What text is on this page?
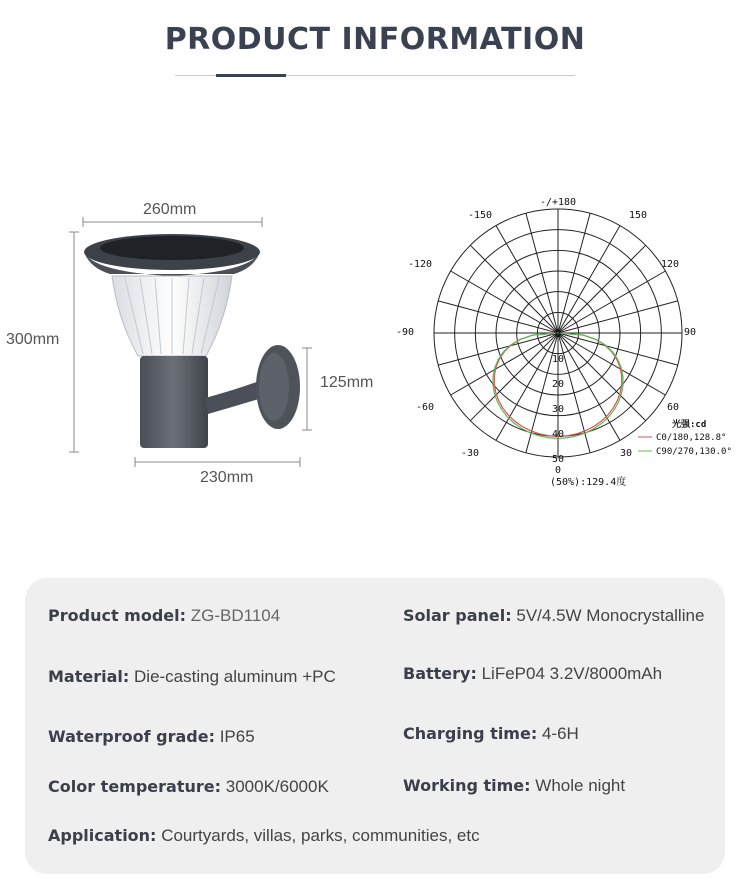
PRODUCT INFORMATION
260mm
300mm
125mm
230mm
-150	150
-120	120
-90	90
-60	60
-30	30
0
-/+180
0
10
20
30
40
50
光强:cd
C0/180,128.8°
C90/270,130.0°
(50%):129.4度
Product model: ZG-BD1104	Solar panel: 5V/4.5W Monocrystalline
Material: Die-casting aluminum +PC	Battery: LiFeP04 3.2V/8000mAh
Waterproof grade: IP65	Charging time: 4-6H
Color temperature: 3000K/6000K	Working time: Whole night
Application: Courtyards, villas, parks, communities, etc
